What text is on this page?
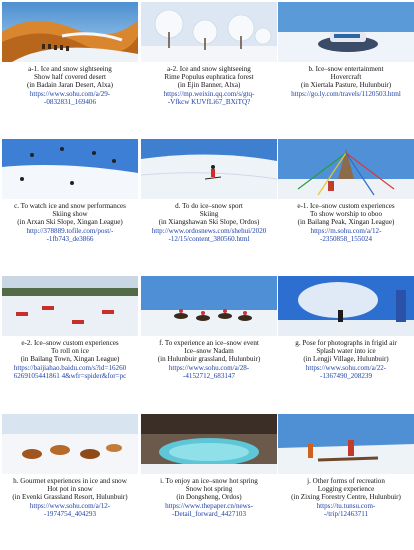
a-1. Ice and snow sightseeing
Show half covered desert
(in Badain Jaran Desert, Alxa)
https://www.sohu.com/a/29-
-0832831_169406
a-2. Ice and snow sightseeing
Rime Populus euphratica forest
(in Ejin Banner, Alxa)
https://mp.weixin.qq.com/s/gtq-
-Vfkcw KUVfLi67_BXiTQ?
b. Ice–snow entertainment
Hovercraft
(in Xiertala Pasture, Hulunbuir)
https://go.ly.com/travels/1120503.html
c. To watch ice and snow performances
Skiing show
(in Arxan Ski Slope, Xingan League)
http://378889.tofile.com/post/-
-1fb743_de3866
d. To do ice–snow sport
Skiing
(in Xiangshawan Ski Slope, Ordos)
http://www.ordosnews.com/shehui/2020
-12/15/content_380560.html
e-1. Ice–snow custom experiences
To show worship to oboo
(in Bailang Peak, Xingan League)
https://m.sohu.com/a/12-
-2350858_155024
e-2. Ice–snow custom experiences
To roll on ice
(in Bailang Town, Xingan League)
https://baijiahao.baidu.com/s?id=16260
6269105441861 4&wfr=spider&for=pc
f. To experience an ice–snow event
Ice–snow Nadam
(in Hulunbuir grassland, Hulunbuir)
https://www.sohu.com/a/28-
-4152712_683147
g. Pose for photographs in frigid air
Splash water into ice
(in Lengji Village, Hulunbuir)
https://www.sohu.com/a/22-
-1367490_208239
h. Gourmet experiences in ice and snow
Hot pot in snow
(in Evenki Grassland Resort, Hulunbuir)
https://www.sohu.com/a/12-
-1974754_404293
i. To enjoy an ice–snow hot spring
Snow hot spring
(in Dongsheng, Ordos)
https://www.thepaper.cn/news-
-Detail_forward_4427103
j. Other forms of recreation
Logging experience
(in Zixing Forestry Centre, Hulunbuir)
https://tu.tunsu.com-
-/trip/12463711
